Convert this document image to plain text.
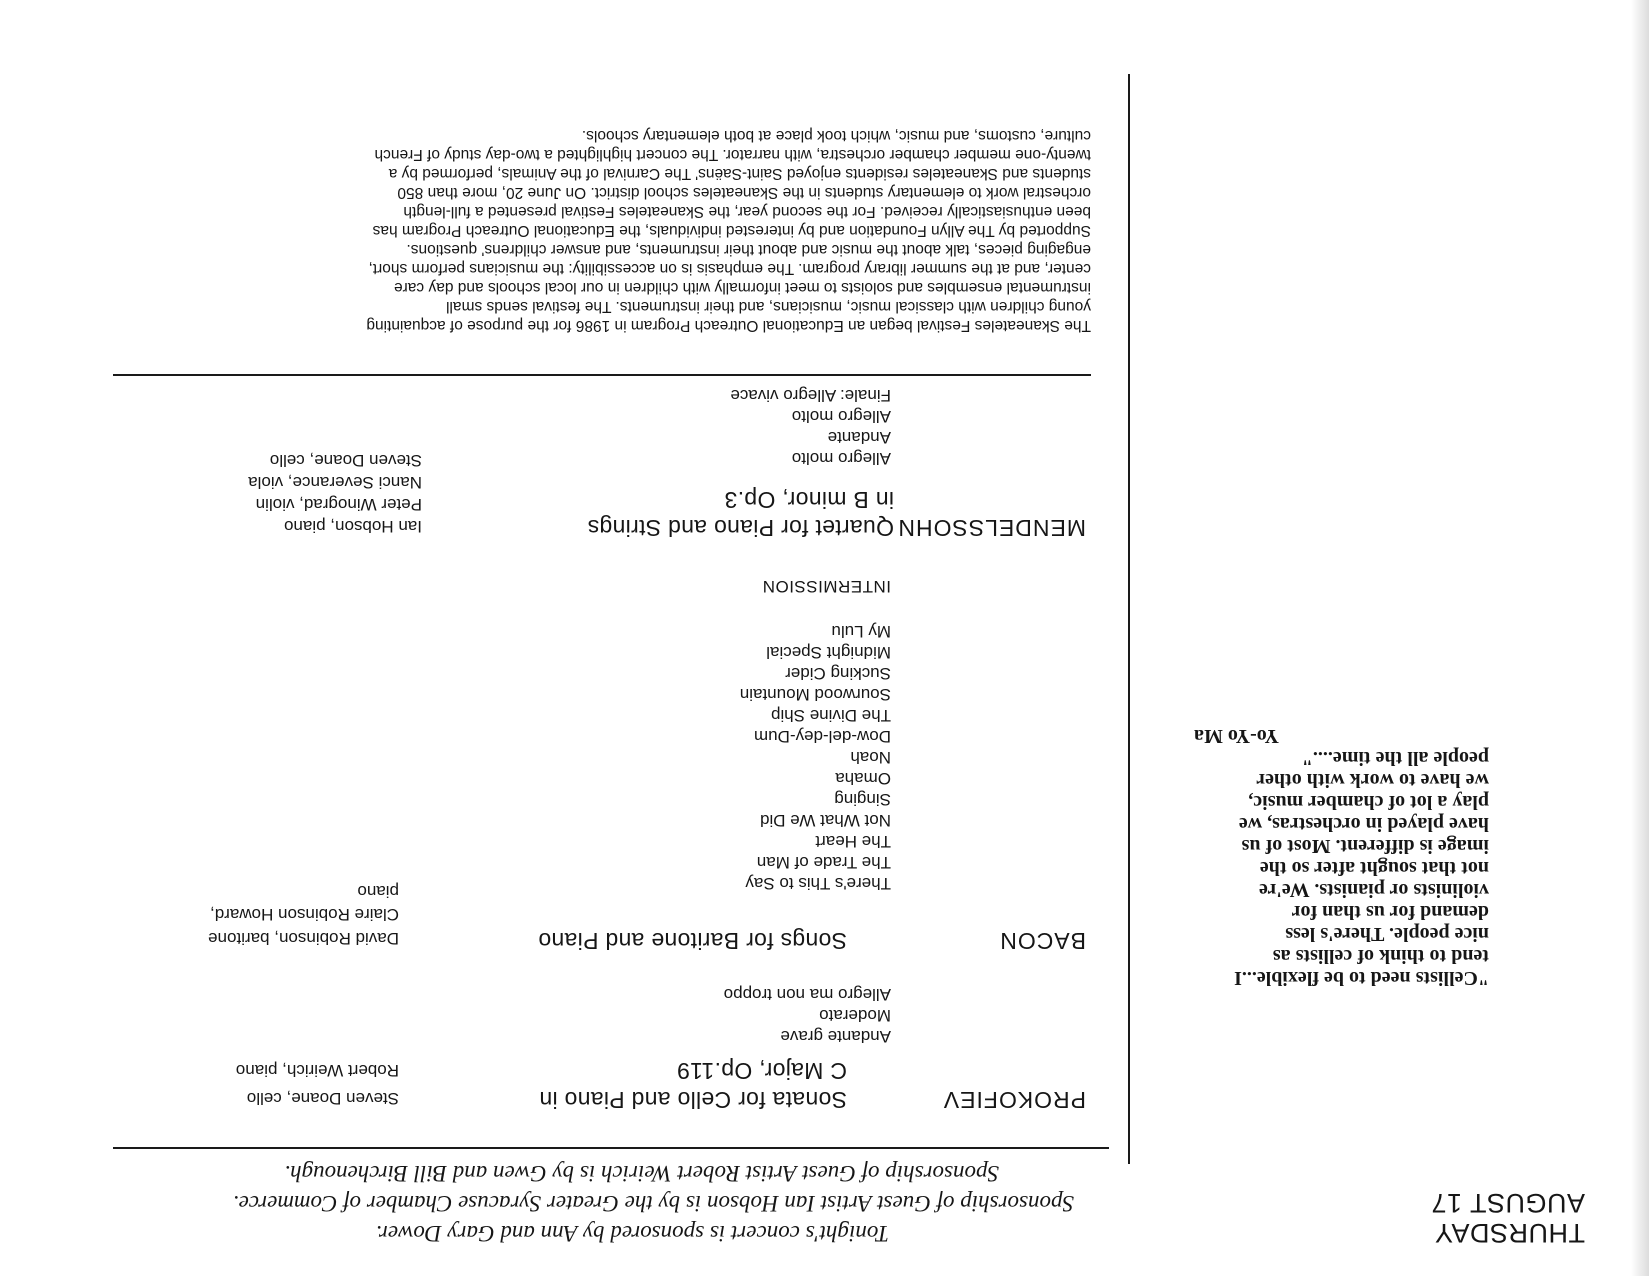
THURSDAY
AUGUST 17
Tonight's concert is sponsored by Ann and Gary Dower.
Sponsorship of Guest Artist Ian Hobson is by the Greater Syracuse Chamber of Commerce.
Sponsorship of Guest Artist Robert Weirich is by Gwen and Bill Birchenough.
"Cellists need to be flexible...I
tend to think of cellists as
nice people. There's less
demand for us than for
violinists or pianists. We're
not that sought after so the
image is different. Most of us
have played in orchestras, we
play a lot of chamber music,
we have to work with other
people all the time...."
Yo-Yo Ma
PROKOFIEV
Sonata for Cello and Piano in
C Major, Op.119
Steven Doane, cello
Robert Weirich, piano
Andante grave
Moderato
Allegro ma non troppo
BACON
Songs for Baritone and Piano
David Robinson, baritone
Claire Robinson Howard,
piano	There's This to Say
The Trade of Man
The Heart
Not What We Did
Singing
Omaha
Noah
Dow-del-dey-Dum
The Divine Ship
Sourwood Mountain
Sucking Cider
Midnight Special
My Lulu
INTERMISSION
MENDELSSOHN
Quartet for Piano and Strings
in B minor, Op.3
Ian Hobson, piano
Peter Winograd, violin
Nanci Severance, viola
Steven Doane, cello	Allegro molto
Andante
Allegro molto
Finale: Allegro vivace
The Skaneateles Festival began an Educational Outreach Program in 1986 for the purpose of acquainting
young children with classical music, musicians, and their instruments. The festival sends small
instrumental ensembles and soloists to meet informally with children in our local schools and day care
center, and at the summer library program. The emphasis is on accessibility: the musicians perform short,
engaging pieces, talk about the music and about their instruments, and answer childrens' questions.
Supported by The Allyn Foundation and by interested individuals, the Educational Outreach Program has
been enthusiastically received. For the second year, the Skaneateles Festival presented a full-length
orchestral work to elementary students in the Skaneateles school district. On June 20, more than 850
students and Skaneateles residents enjoyed Saint-Saëns' The Carnival of the Animals, performed by a
twenty-one member chamber orchestra, with narrator. The concert highlighted a two-day study of French
culture, customs, and music, which took place at both elementary schools.
